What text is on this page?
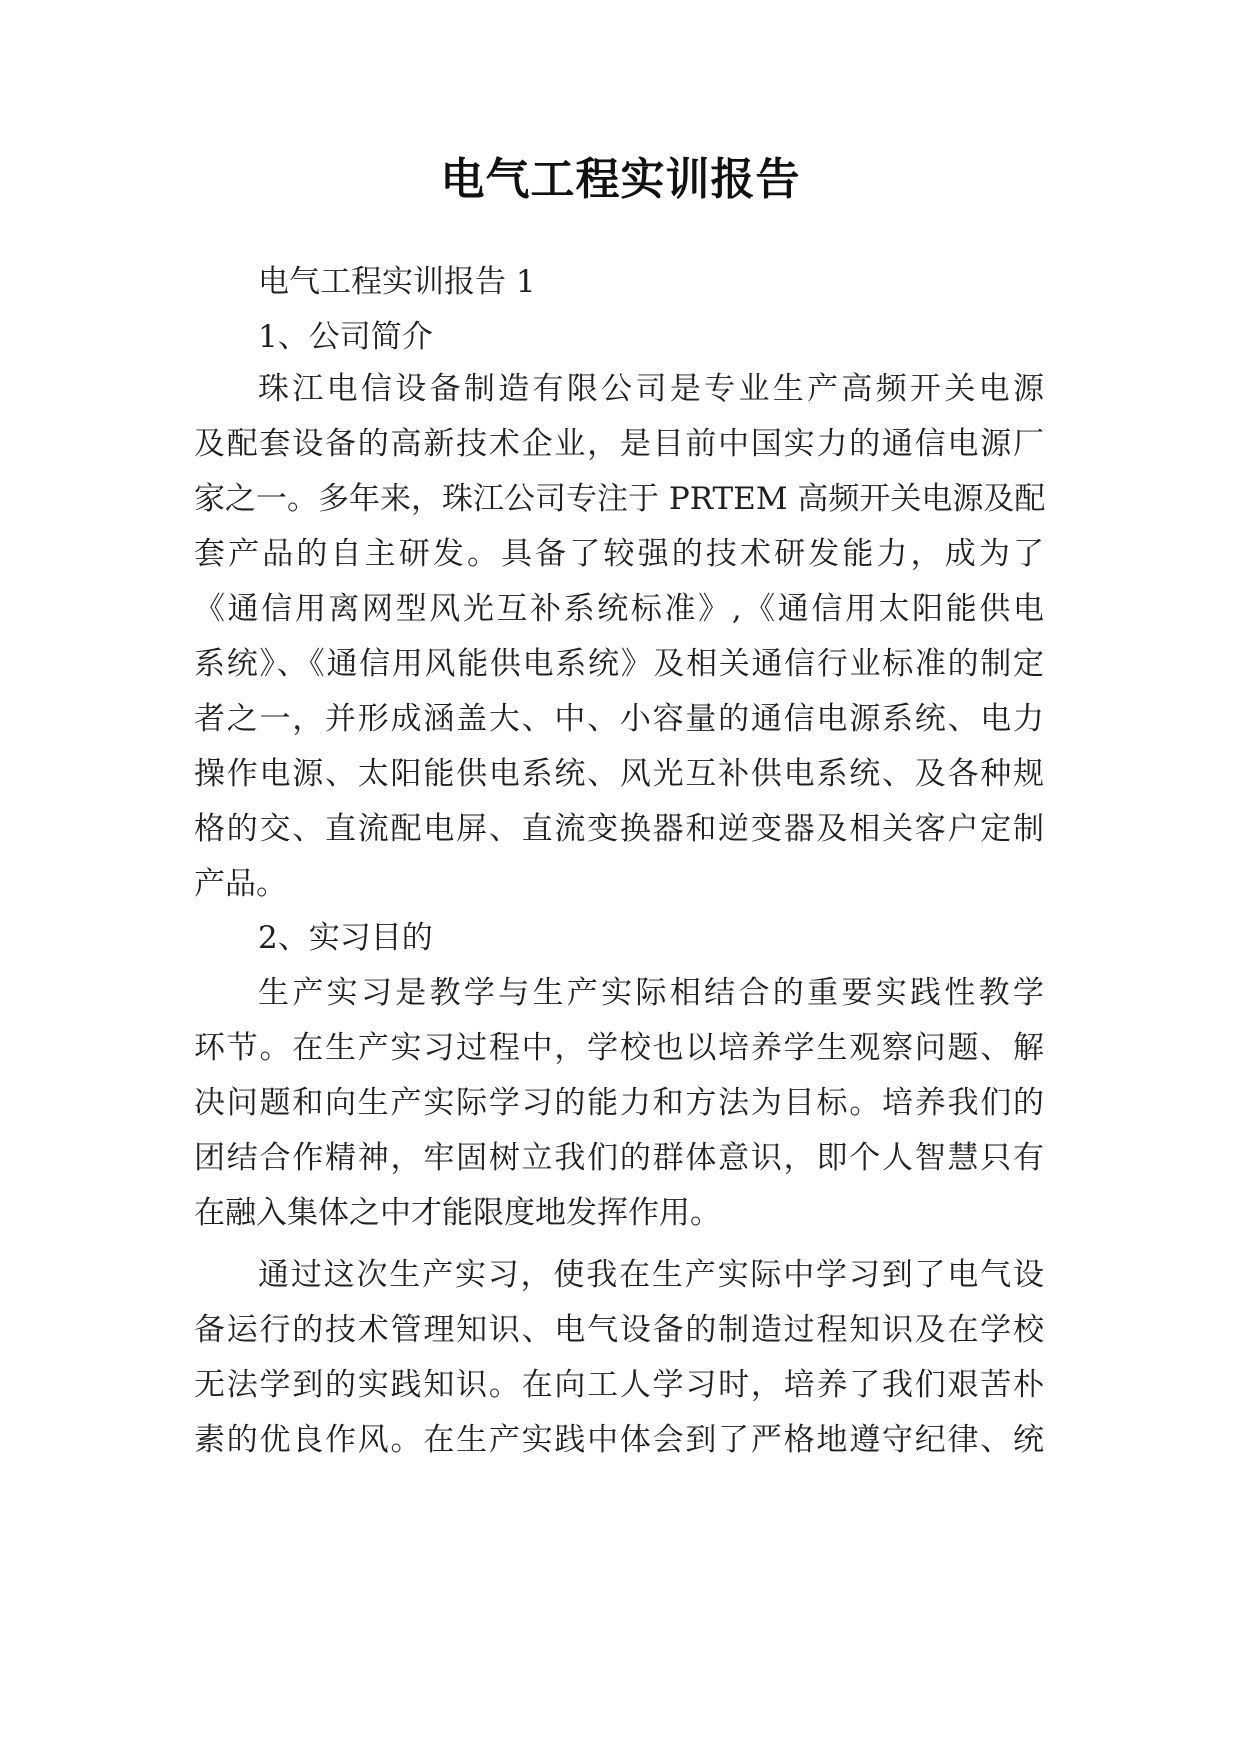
电气工程实训报告
电气工程实训报告 1
1、公司简介
珠江电信设备制造有限公司是专业生产高频开关电源
及配套设备的高新技术企业，是目前中国实力的通信电源厂
家之一。多年来，珠江公司专注于 PRTEM 高频开关电源及配
套产品的自主研发。具备了较强的技术研发能力，成为了
《通信用离网型风光互补系统标准》,《通信用太阳能供电
系统》、《通信用风能供电系统》及相关通信行业标准的制定
者之一，并形成涵盖大、中、小容量的通信电源系统、电力
操作电源、太阳能供电系统、风光互补供电系统、及各种规
格的交、直流配电屏、直流变换器和逆变器及相关客户定制
产品。
2、实习目的
生产实习是教学与生产实际相结合的重要实践性教学
环节。在生产实习过程中，学校也以培养学生观察问题、解
决问题和向生产实际学习的能力和方法为目标。培养我们的
团结合作精神，牢固树立我们的群体意识，即个人智慧只有
在融入集体之中才能限度地发挥作用。
通过这次生产实习，使我在生产实际中学习到了电气设
备运行的技术管理知识、电气设备的制造过程知识及在学校
无法学到的实践知识。在向工人学习时，培养了我们艰苦朴
素的优良作风。在生产实践中体会到了严格地遵守纪律、统
